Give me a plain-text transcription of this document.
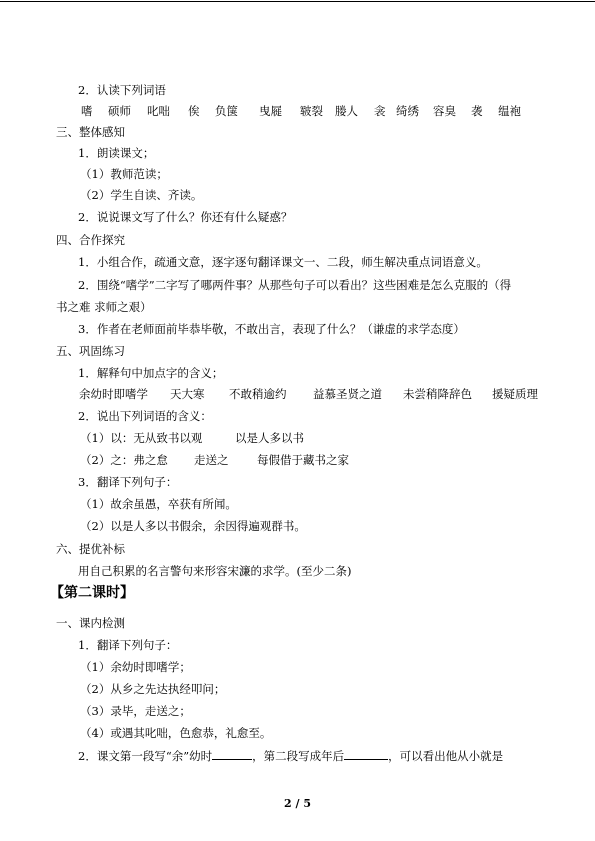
2．认读下列词语
嗜 硕师 叱咄 俟 负箧 曳屣 皲裂 媵人 衾 绮绣 容臭 袭 缊袍
三、整体感知
1．朗读课文；
（1）教师范读；
（2）学生自读、齐读。
2．说说课文写了什么？你还有什么疑惑？
四、合作探究
1．小组合作，疏通文意，逐字逐句翻译课文一、二段，师生解决重点词语意义。
2．围绕“嗜学”二字写了哪两件事？从那些句子可以看出？这些困难是怎么克服的（得
书之难 求师之艰）
3．作者在老师面前毕恭毕敬，不敢出言，表现了什么？（谦虚的求学态度）
五、巩固练习
1．解释句中加点字的含义；
余幼时即嗜学 天大寒 不敢稍逾约 益慕圣贤之道 未尝稍降辞色 援疑质理
2．说出下列词语的含义：
（1）以：无从致书以观	以是人多以书
（2）之：弗之怠 走送之 每假借于藏书之家
3．翻译下列句子：
（1）故余虽愚，卒获有所闻。
（2）以是人多以书假余，余因得遍观群书。
六、提优补标
用自己积累的名言警句来形容宋濂的求学。(至少二条)
【第二课时】
一、课内检测
1．翻译下列句子：
（1）余幼时即嗜学；
（2）从乡之先达执经叩问；
（3）录毕，走送之；
（4）或遇其叱咄，色愈恭，礼愈至。
2．课文第一段写“余”幼时	，第二段写成年后	，可以看出他从小就是
2 / 5
